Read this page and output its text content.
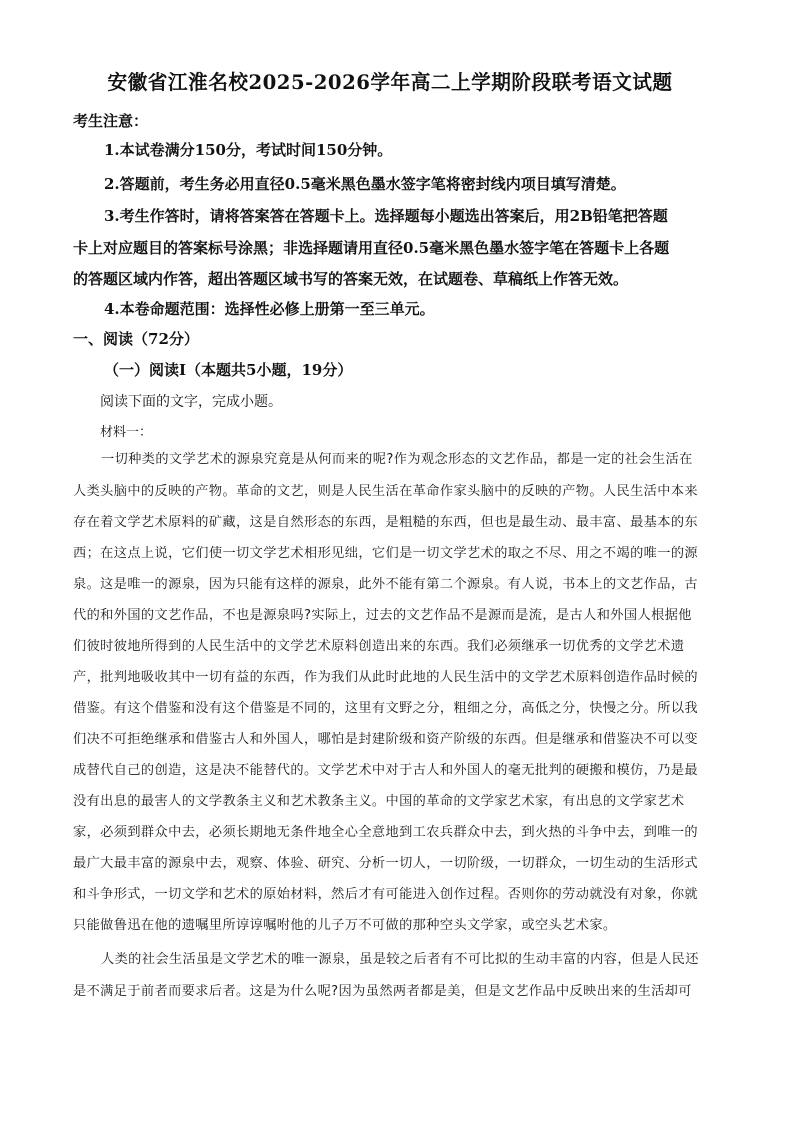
安徽省江淮名校2025-2026学年高二上学期阶段联考语文试题
考生注意：
1.本试卷满分150分，考试时间150分钟。
2.答题前，考生务必用直径0.5毫米黑色墨水签字笔将密封线内项目填写清楚。
3.考生作答时，请将答案答在答题卡上。选择题每小题选出答案后，用2B铅笔把答题
卡上对应题目的答案标号涂黑；非选择题请用直径0.5毫米黑色墨水签字笔在答题卡上各题
的答题区域内作答，超出答题区域书写的答案无效，在试题卷、草稿纸上作答无效。
4.本卷命题范围：选择性必修上册第一至三单元。
一、阅读（72分）
（一）阅读Ⅰ（本题共5小题，19分）
阅读下面的文字，完成小题。
材料一：
一切种类的文学艺术的源泉究竟是从何而来的呢?作为观念形态的文艺作品，都是一定的社会生活在
人类头脑中的反映的产物。革命的文艺，则是人民生活在革命作家头脑中的反映的产物。人民生活中本来
存在着文学艺术原料的矿藏，这是自然形态的东西，是粗糙的东西，但也是最生动、最丰富、最基本的东
西；在这点上说，它们使一切文学艺术相形见绌，它们是一切文学艺术的取之不尽、用之不竭的唯一的源
泉。这是唯一的源泉，因为只能有这样的源泉，此外不能有第二个源泉。有人说，书本上的文艺作品，古
代的和外国的文艺作品，不也是源泉吗?实际上，过去的文艺作品不是源而是流，是古人和外国人根据他
们彼时彼地所得到的人民生活中的文学艺术原料创造出来的东西。我们必须继承一切优秀的文学艺术遗
产，批判地吸收其中一切有益的东西，作为我们从此时此地的人民生活中的文学艺术原料创造作品时候的
借鉴。有这个借鉴和没有这个借鉴是不同的，这里有文野之分，粗细之分，高低之分，快慢之分。所以我
们决不可拒绝继承和借鉴古人和外国人，哪怕是封建阶级和资产阶级的东西。但是继承和借鉴决不可以变
成替代自己的创造，这是决不能替代的。文学艺术中对于古人和外国人的毫无批判的硬搬和模仿，乃是最
没有出息的最害人的文学教条主义和艺术教条主义。中国的革命的文学家艺术家，有出息的文学家艺术
家，必须到群众中去，必须长期地无条件地全心全意地到工农兵群众中去，到火热的斗争中去，到唯一的
最广大最丰富的源泉中去，观察、体验、研究、分析一切人，一切阶级，一切群众，一切生动的生活形式
和斗争形式，一切文学和艺术的原始材料，然后才有可能进入创作过程。否则你的劳动就没有对象，你就
只能做鲁迅在他的遗嘱里所谆谆嘱咐他的儿子万不可做的那种空头文学家，或空头艺术家。
人类的社会生活虽是文学艺术的唯一源泉，虽是较之后者有不可比拟的生动丰富的内容，但是人民还
是不满足于前者而要求后者。这是为什么呢?因为虽然两者都是美，但是文艺作品中反映出来的生活却可
